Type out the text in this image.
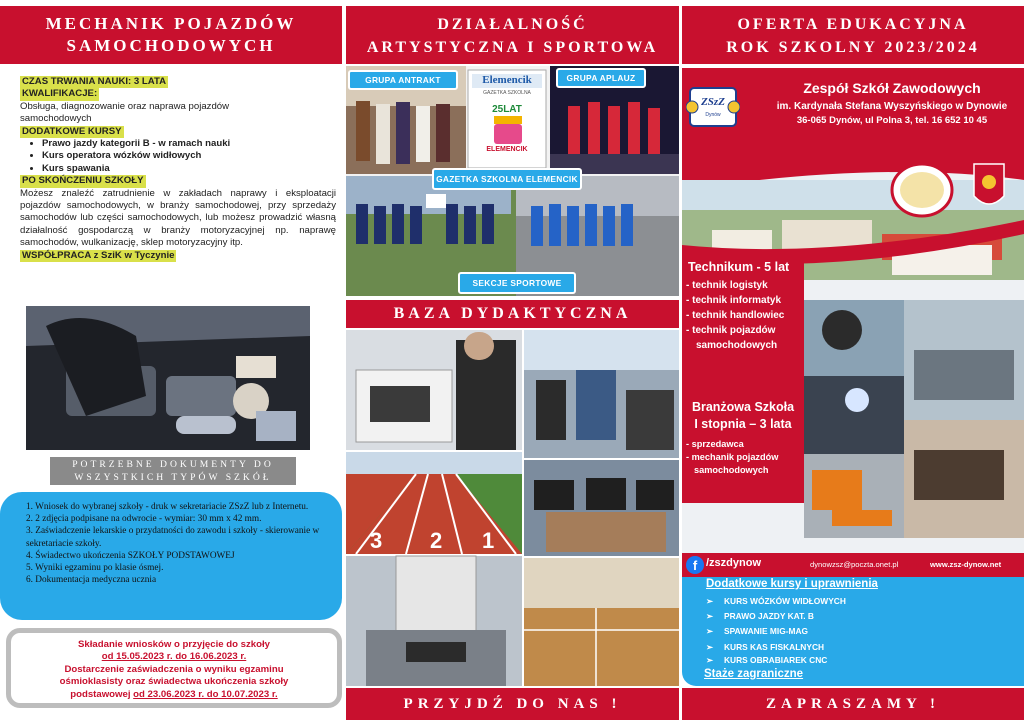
MECHANIK POJAZDÓW
SAMOCHODOWYCH
CZAS TRWANIA NAUKI: 3 LATA
KWALIFIKACJE:

Obsługa, diagnozowanie oraz naprawa pojazdów samochodowych

DODATKOWE KURSY
• Prawo jazdy kategorii B - w ramach nauki
• Kurs operatora wózków widłowych
• Kurs spawania
PO SKOŃCZENIU SZKOŁY

Możesz znaleźć zatrudnienie w zakładach naprawy i eksploatacji pojazdów samochodowych, w branży samochodowej, przy sprzedaży samochodów lub części samochodowych, lub możesz prowadzić własną działalność gospodarczą w branży motoryzacyjnej np. naprawę samochodów, wulkanizację, sklep motoryzacyjny itp.

WSPÓŁPRACA z SziK w Tyczynie
POTRZEBNE DOKUMENTY DO
WSZYSTKICH TYPÓW SZKÓŁ
1. Wniosek do wybranej szkoły - druk w sekretariacie ZSzZ lub z Internetu.
2. 2 zdjęcia podpisane na odwrocie - wymiar: 30 mm x 42 mm.
3. Zaświadczenie lekarskie o przydatności do zawodu i szkoły - skierowanie w sekretariacie szkoły.
4. Świadectwo ukończenia SZKOŁY PODSTAWOWEJ
5. Wyniki egzaminu po klasie ósmej.
6. Dokumentacja medyczna ucznia
Składanie wniosków o przyjęcie do szkoły
od 15.05.2023 r. do 16.06.2023 r.
Dostarczenie zaświadczenia o wyniku egzaminu
ośmioklasisty oraz świadectwa ukończenia szkoły
podstawowej od 23.06.2023 r. do 10.07.2023 r.
DZIAŁALNOŚĆ
ARTYSTYCZNA I SPORTOWA
GRUPA ANTRAKT	GRUPA APLAUZ
Elemencik
GAZETKA SZKOLNA
25LAT
ELEMENCIK
GAZETKA SZKOLNA ELEMENCIK
SEKCJE SPORTOWE
BAZA DYDAKTYCZNA
3 2 1
PRZYJDŹ DO NAS !
OFERTA EDUKACYJNA
ROK SZKOLNY 2023/2024
ZSzZ
Dynów
Zespół Szkół Zawodowych
im. Kardynała Stefana Wyszyńskiego w Dynowie
36-065 Dynów, ul Polna 3, tel. 16 652 10 45
Technikum - 5 lat
- technik logistyk
- technik informatyk
- technik handlowiec
- technik pojazdów
samochodowych
Branżowa Szkoła
I stopnia – 3 lata
- sprzedawca
- mechanik pojazdów
samochodowych
f /zszdynow	dynowzsz@poczta.onet.pl	www.zsz-dynow.net
Dodatkowe kursy i uprawnienia
➢ KURS WÓZKÓW WIDŁOWYCH
➢ PRAWO JAZDY KAT. B
➢ SPAWANIE MIG-MAG
➢ KURS KAS FISKALNYCH
➢ KURS OBRABIAREK CNC
Staże zagraniczne
ZAPRASZAMY !
